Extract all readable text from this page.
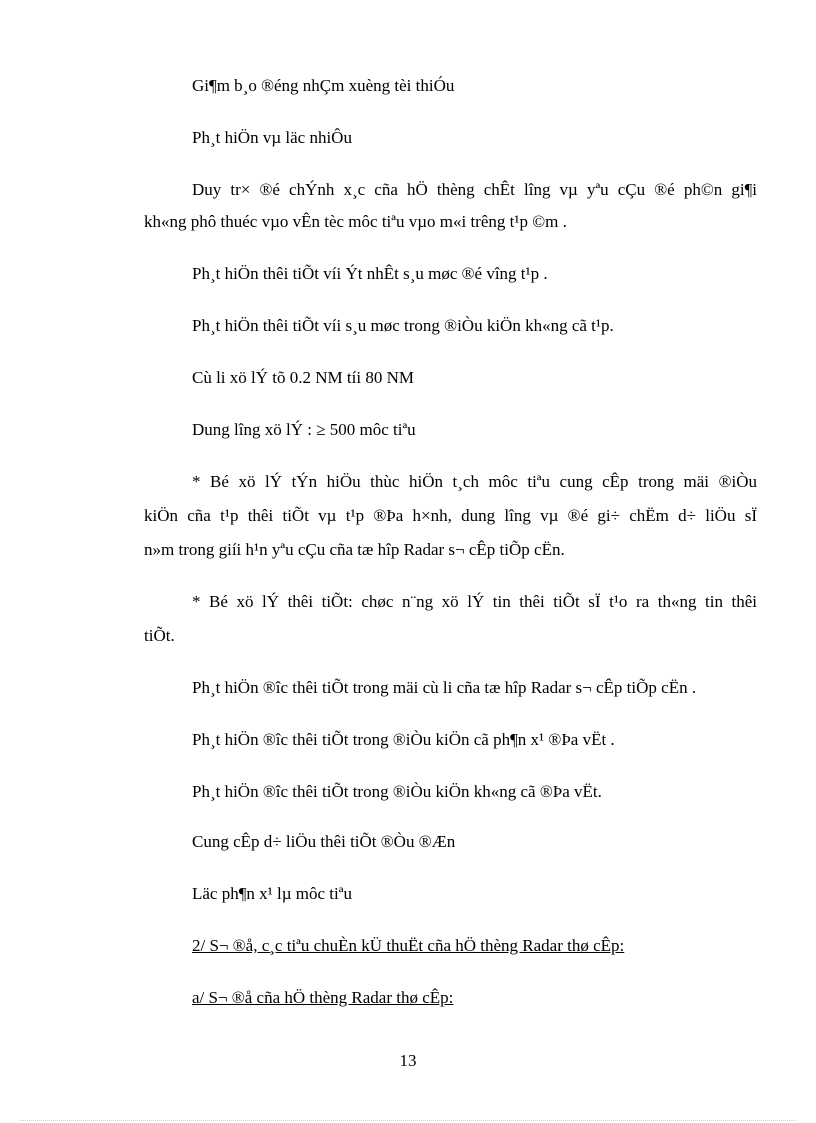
Gi¶m b¸o ®éng nhÇm xuèng tèi thiÓu
Ph¸t hiÖn vµ läc nhiÔu
Duy tr× ®é chÝnh x¸c cña hÖ thèng chÊt lîng vµ yªu cÇu ®é ph©n gi¶i
kh«ng phô thuéc vµo vÊn tèc môc tiªu vµo m«i trêng t¹p ©m .
Ph¸t hiÖn thêi tiÕt víi Ýt nhÊt s¸u møc ®é vîng t¹p .
Ph¸t hiÖn thêi tiÕt víi s¸u møc trong ®iÒu kiÖn kh«ng cã t¹p.
Cù li xö lÝ tõ 0.2 NM tíi 80 NM
Dung lîng xö lÝ : ≥ 500 môc tiªu
* Bé xö lÝ tÝn hiÖu thùc hiÖn t¸ch môc tiªu cung cÊp trong mäi ®iÒu
kiÖn cña t¹p thêi tiÕt vµ t¹p ®Þa h×nh, dung lîng vµ ®é gi÷ chËm d÷ liÖu sÏ
n»m trong giíi h¹n yªu cÇu cña tæ hîp Radar s¬ cÊp tiÕp cËn.
* Bé xö lÝ thêi tiÕt: chøc n¨ng xö lÝ tin thêi tiÕt sÏ t¹o ra th«ng tin thêi
tiÕt.
Ph¸t hiÖn ®îc thêi tiÕt trong mäi cù li cña tæ hîp Radar s¬ cÊp tiÕp cËn .
Ph¸t hiÖn ®îc thêi tiÕt trong ®iÒu kiÖn cã ph¶n x¹ ®Þa vËt .
Ph¸t hiÖn ®îc thêi tiÕt trong ®iÒu kiÖn kh«ng cã ®Þa vËt.
Cung cÊp d÷ liÖu thêi tiÕt ®Òu ®Æn
Läc ph¶n x¹ lµ môc tiªu
2/ S¬ ®å, c¸c tiªu chuÈn kÜ thuËt cña hÖ thèng Radar thø cÊp:
a/ S¬ ®å cña hÖ thèng Radar thø cÊp:
13
